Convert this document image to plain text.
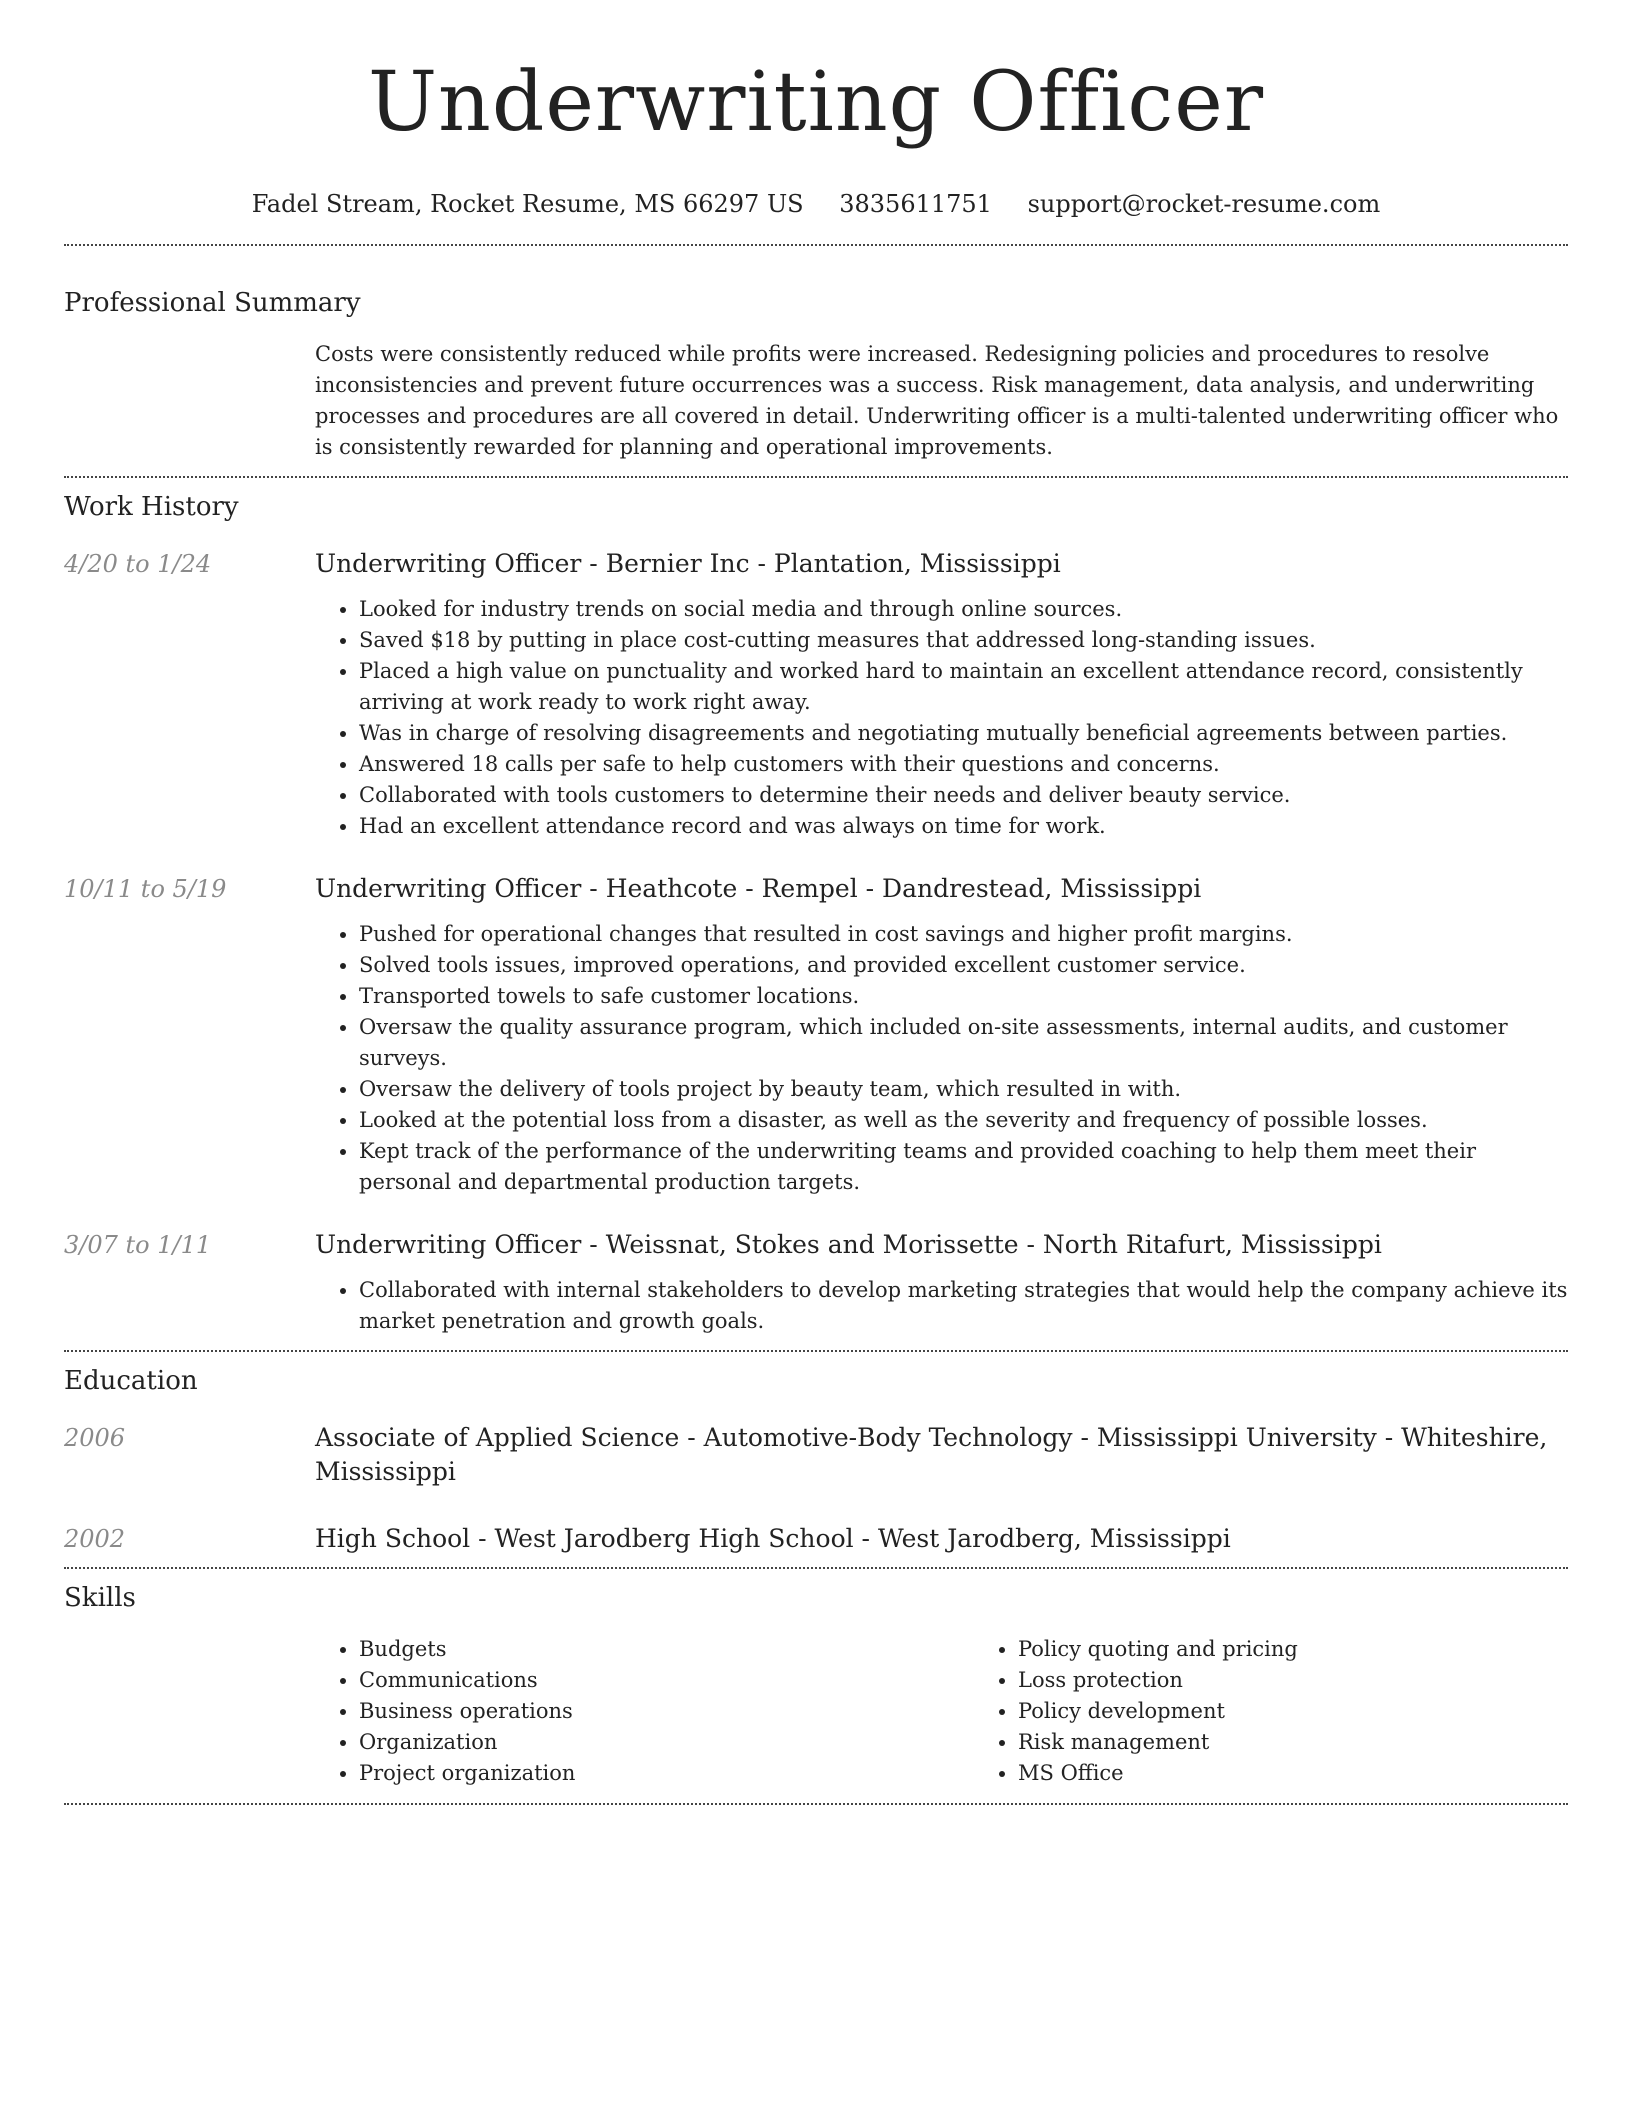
Underwriting Officer
Fadel Stream, Rocket Resume, MS 66297 US 3835611751 support@rocket-resume.com
Professional Summary
Costs were consistently reduced while profits were increased. Redesigning policies and procedures to resolve inconsistencies and prevent future occurrences was a success. Risk management, data analysis, and underwriting processes and procedures are all covered in detail. Underwriting officer is a multi-talented underwriting officer who is consistently rewarded for planning and operational improvements.
Work History
4/20 to 1/24	Underwriting Officer - Bernier Inc - Plantation, Mississippi
• Looked for industry trends on social media and through online sources.
• Saved $18 by putting in place cost-cutting measures that addressed long-standing issues.
• Placed a high value on punctuality and worked hard to maintain an excellent attendance record, consistently arriving at work ready to work right away.
• Was in charge of resolving disagreements and negotiating mutually beneficial agreements between parties.
• Answered 18 calls per safe to help customers with their questions and concerns.
• Collaborated with tools customers to determine their needs and deliver beauty service.
• Had an excellent attendance record and was always on time for work.
10/11 to 5/19	Underwriting Officer - Heathcote - Rempel - Dandrestead, Mississippi
• Pushed for operational changes that resulted in cost savings and higher profit margins.
• Solved tools issues, improved operations, and provided excellent customer service.
• Transported towels to safe customer locations.
• Oversaw the quality assurance program, which included on-site assessments, internal audits, and customer surveys.
• Oversaw the delivery of tools project by beauty team, which resulted in with.
• Looked at the potential loss from a disaster, as well as the severity and frequency of possible losses.
• Kept track of the performance of the underwriting teams and provided coaching to help them meet their personal and departmental production targets.
3/07 to 1/11	Underwriting Officer - Weissnat, Stokes and Morissette - North Ritafurt, Mississippi
• Collaborated with internal stakeholders to develop marketing strategies that would help the company achieve its market penetration and growth goals.
Education
2006	Associate of Applied Science - Automotive-Body Technology - Mississippi University - Whiteshire, Mississippi
2002	High School - West Jarodberg High School - West Jarodberg, Mississippi
Skills
• Budgets
• Communications
• Business operations
• Organization
• Project organization
• Policy quoting and pricing
• Loss protection
• Policy development
• Risk management
• MS Office
